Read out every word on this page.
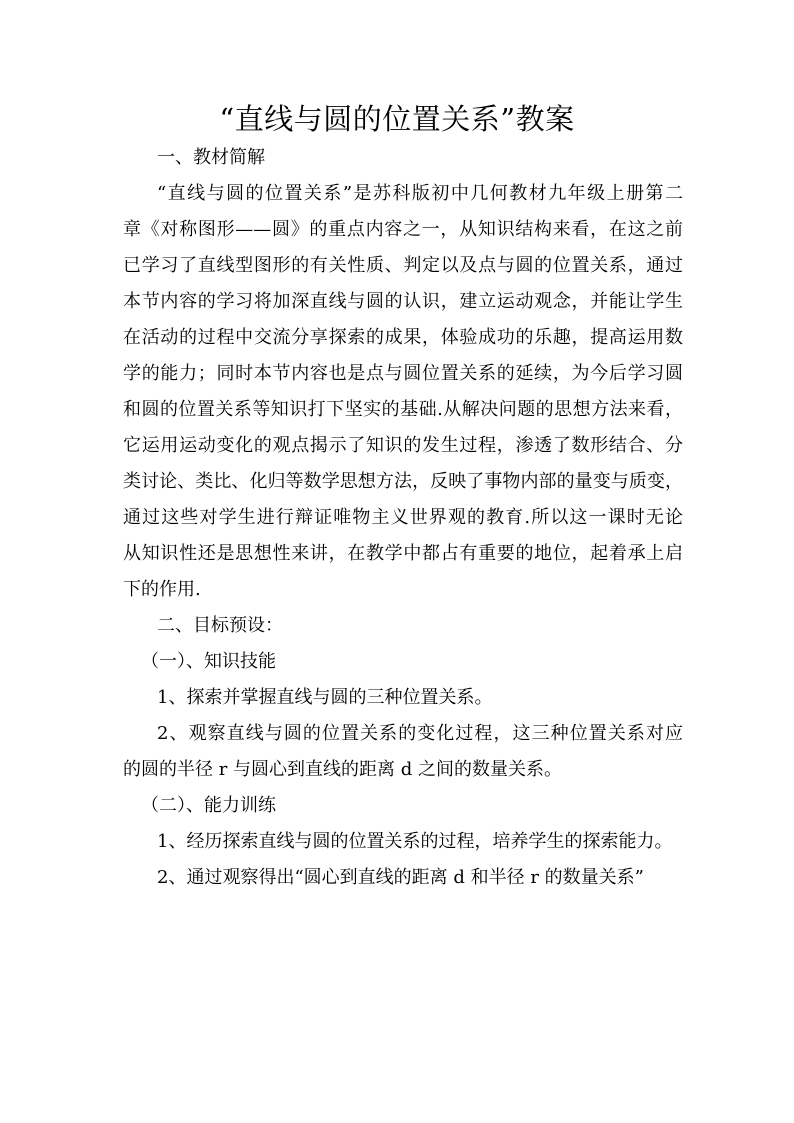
“直线与圆的位置关系”教案
一、教材简解
“直线与圆的位置关系”是苏科版初中几何教材九年级上册第二
章《对称图形——圆》的重点内容之一，从知识结构来看，在这之前
已学习了直线型图形的有关性质、判定以及点与圆的位置关系，通过
本节内容的学习将加深直线与圆的认识，建立运动观念，并能让学生
在活动的过程中交流分享探索的成果，体验成功的乐趣，提高运用数
学的能力；同时本节内容也是点与圆位置关系的延续，为今后学习圆
和圆的位置关系等知识打下坚实的基础.从解决问题的思想方法来看，
它运用运动变化的观点揭示了知识的发生过程，渗透了数形结合、分
类讨论、类比、化归等数学思想方法，反映了事物内部的量变与质变，
通过这些对学生进行辩证唯物主义世界观的教育.所以这一课时无论
从知识性还是思想性来讲，在教学中都占有重要的地位，起着承上启
下的作用.
二、目标预设：
（一）、知识技能
1、探索并掌握直线与圆的三种位置关系。
2、观察直线与圆的位置关系的变化过程，这三种位置关系对应
的圆的半径 r 与圆心到直线的距离 d 之间的数量关系。
（二）、能力训练
1、经历探索直线与圆的位置关系的过程，培养学生的探索能力。
2、通过观察得出“圆心到直线的距离 d 和半径 r 的数量关系”
